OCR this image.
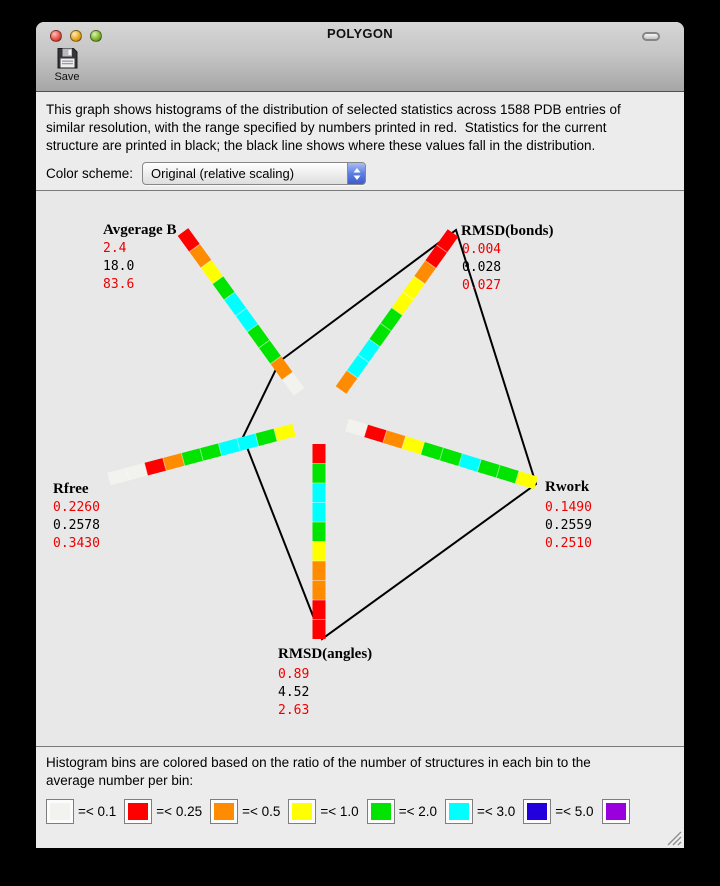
POLYGON
Save
This graph shows histograms of the distribution of selected statistics across 1588 PDB entries of
similar resolution, with the range specified by numbers printed in red.  Statistics for the current
structure are printed in black; the black line shows where these values fall in the distribution.
Color scheme:	Original (relative scaling)
Avgerage B
2.4
18.0
83.6
RMSD(bonds)
0.004
0.028
0.027
Rwork
0.1490
0.2559
0.2510
RMSD(angles)
0.89
4.52
2.63
Rfree
0.2260
0.2578
0.3430
Histogram bins are colored based on the ratio of the number of structures in each bin to the
average number per bin:
=< 0.1	=< 0.25	=< 0.5	=< 1.0	=< 2.0	=< 3.0	=< 5.0
